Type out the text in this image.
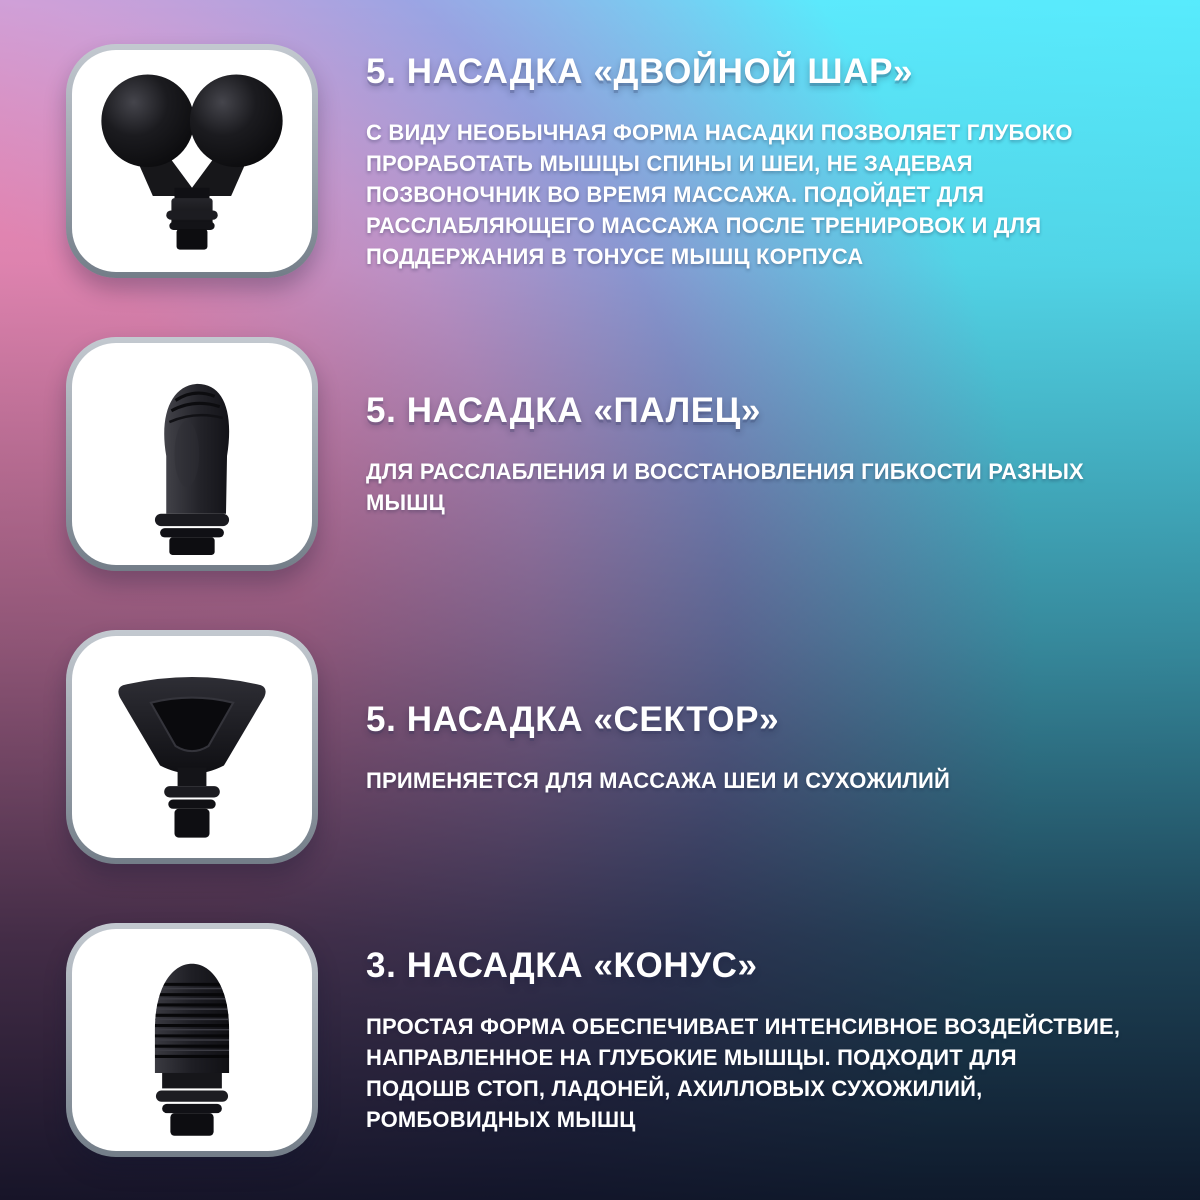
5. НАСАДКА «ДВОЙНОЙ ШАР»

С ВИДУ НЕОБЫЧНАЯ ФОРМА НАСАДКИ ПОЗВОЛЯЕТ ГЛУБОКО ПРОРАБОТАТЬ МЫШЦЫ СПИНЫ И ШЕИ, НЕ ЗАДЕВАЯ ПОЗВОНОЧНИК ВО ВРЕМЯ МАССАЖА. ПОДОЙДЕТ ДЛЯ РАССЛАБЛЯЮЩЕГО МАССАЖА ПОСЛЕ ТРЕНИРОВОК И ДЛЯ ПОДДЕРЖАНИЯ В ТОНУСЕ МЫШЦ КОРПУСА

5. НАСАДКА «ПАЛЕЦ»

ДЛЯ РАССЛАБЛЕНИЯ И ВОССТАНОВЛЕНИЯ ГИБКОСТИ РАЗНЫХ МЫШЦ

5. НАСАДКА «СЕКТОР»

ПРИМЕНЯЕТСЯ ДЛЯ МАССАЖА ШЕИ И СУХОЖИЛИЙ

3. НАСАДКА «КОНУС»

ПРОСТАЯ ФОРМА ОБЕСПЕЧИВАЕТ ИНТЕНСИВНОЕ ВОЗДЕЙСТВИЕ, НАПРАВЛЕННОЕ НА ГЛУБОКИЕ МЫШЦЫ. ПОДХОДИТ ДЛЯ ПОДОШВ СТОП, ЛАДОНЕЙ, АХИЛЛОВЫХ СУХОЖИЛИЙ, РОМБОВИДНЫХ МЫШЦ
